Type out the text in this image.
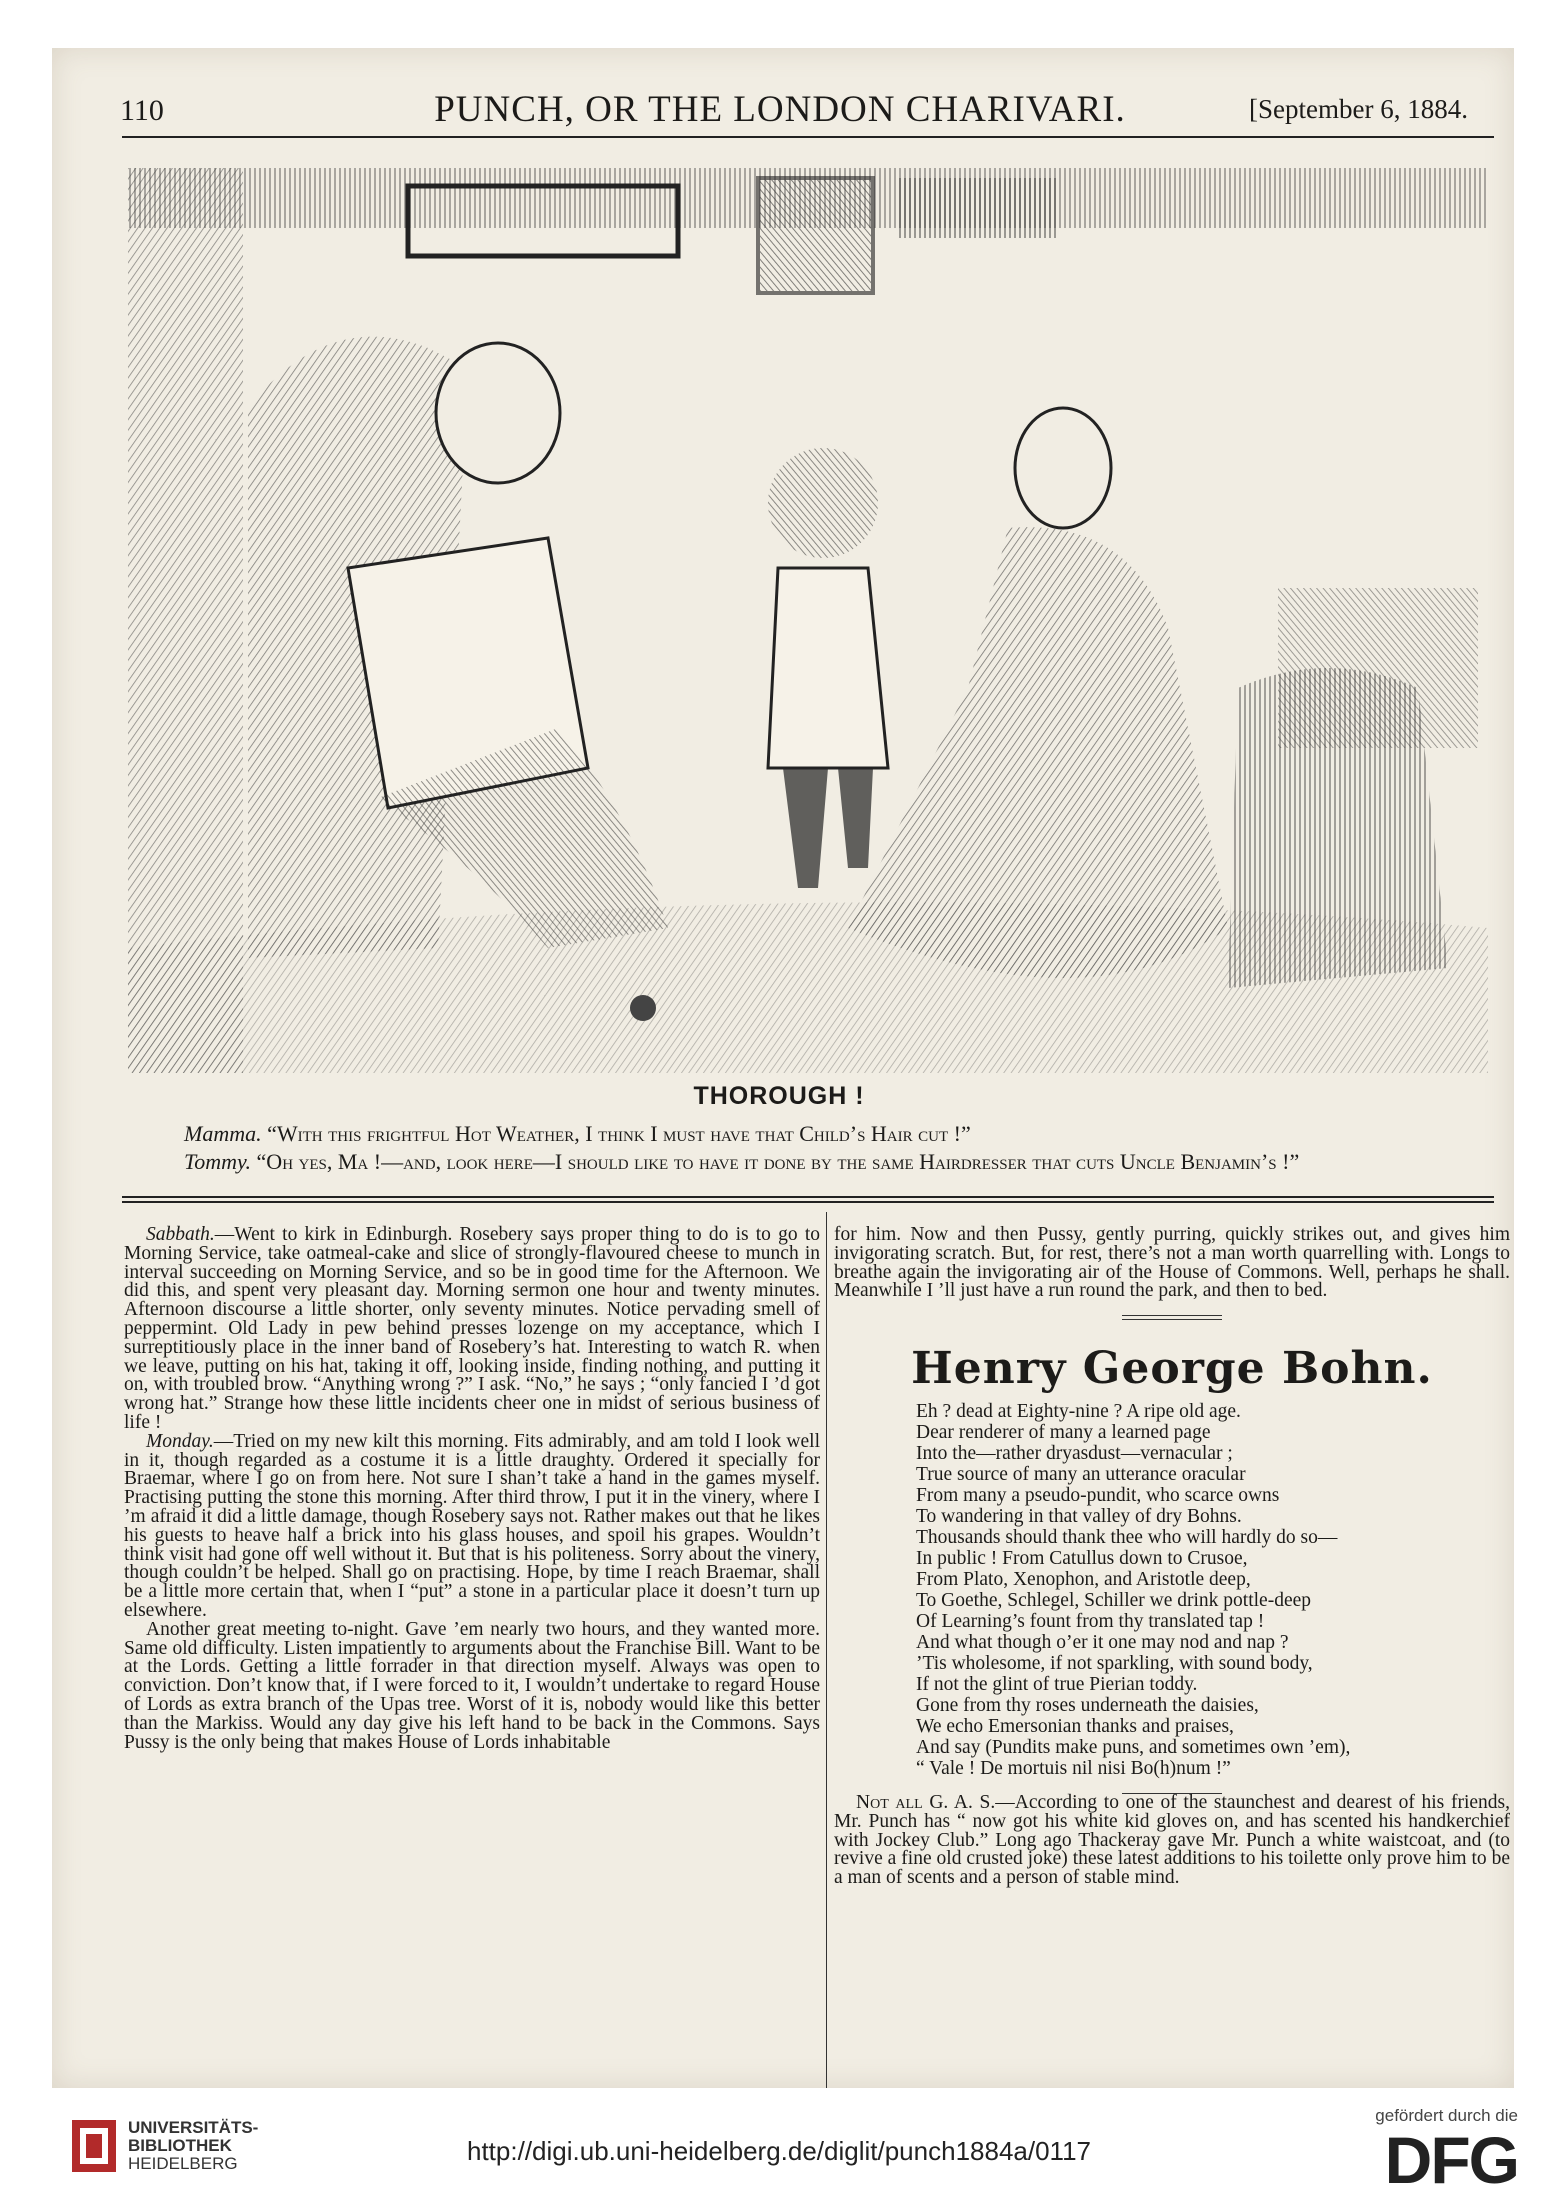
110	PUNCH, OR THE LONDON CHARIVARI.	[September 6, 1884.
THOROUGH !

Mamma. “With this frightful Hot Weather, I think I must have that Child’s Hair cut !”

Tommy. “Oh yes, Ma !—and, look here—I should like to have it done by the same Hairdresser that cuts Uncle Benjamin’s !”

Sabbath.—Went to kirk in Edinburgh. Rosebery says proper thing to do is to go to Morning Service, take oatmeal-cake and slice of strongly-flavoured cheese to munch in interval succeeding on Morning Service, and so be in good time for the Afternoon. We did this, and spent very pleasant day. Morning sermon one hour and twenty minutes. Afternoon discourse a little shorter, only seventy minutes. Notice pervading smell of peppermint. Old Lady in pew behind presses lozenge on my acceptance, which I surreptitiously place in the inner band of Rosebery’s hat. Interesting to watch R. when we leave, putting on his hat, taking it off, looking inside, finding nothing, and putting it on, with troubled brow. “Anything wrong ?” I ask. “No,” he says ; “only fancied I ’d got wrong hat.” Strange how these little incidents cheer one in midst of serious business of life !

Monday.—Tried on my new kilt this morning. Fits admirably, and am told I look well in it, though regarded as a costume it is a little draughty. Ordered it specially for Braemar, where I go on from here. Not sure I shan’t take a hand in the games myself. Practising putting the stone this morning. After third throw, I put it in the vinery, where I ’m afraid it did a little damage, though Rosebery says not. Rather makes out that he likes his guests to heave half a brick into his glass houses, and spoil his grapes. Wouldn’t think visit had gone off well without it. But that is his politeness. Sorry about the vinery, though couldn’t be helped. Shall go on practising. Hope, by time I reach Braemar, shall be a little more certain that, when I “put” a stone in a particular place it doesn’t turn up elsewhere.

Another great meeting to-night. Gave ’em nearly two hours, and they wanted more. Same old difficulty. Listen impatiently to arguments about the Franchise Bill. Want to be at the Lords. Getting a little forrader in that direction myself. Always was open to conviction. Don’t know that, if I were forced to it, I wouldn’t undertake to regard House of Lords as extra branch of the Upas tree. Worst of it is, nobody would like this better than the Markiss. Would any day give his left hand to be back in the Commons. Says Pussy is the only being that makes House of Lords inhabitable

for him. Now and then Pussy, gently purring, quickly strikes out, and gives him invigorating scratch. But, for rest, there’s not a man worth quarrelling with. Longs to breathe again the invigorating air of the House of Commons. Well, perhaps he shall. Meanwhile I ’ll just have a run round the park, and then to bed.

Henry George Bohn.
Eh ? dead at Eighty-nine ? A ripe old age.
Dear renderer of many a learned page
Into the—rather dryasdust—vernacular ;
True source of many an utterance oracular
From many a pseudo-pundit, who scarce owns
To wandering in that valley of dry Bohns.
Thousands should thank thee who will hardly do so—
In public ! From Catullus down to Crusoe,
From Plato, Xenophon, and Aristotle deep,
To Goethe, Schlegel, Schiller we drink pottle-deep
Of Learning’s fount from thy translated tap !
And what though o’er it one may nod and nap ?
’Tis wholesome, if not sparkling, with sound body,
If not the glint of true Pierian toddy.
Gone from thy roses underneath the daisies,
We echo Emersonian thanks and praises,
And say (Pundits make puns, and sometimes own ’em),
“ Vale ! De mortuis nil nisi Bo(h)num !”

Not all G. A. S.—According to one of the staunchest and dearest of his friends, Mr. Punch has “ now got his white kid gloves on, and has scented his handkerchief with Jockey Club.” Long ago Thackeray gave Mr. Punch a white waistcoat, and (to revive a fine old crusted joke) these latest additions to his toilette only prove him to be a man of scents and a person of stable mind.

UNIVERSITÄTS-
BIBLIOTHEK
HEIDELBERG	http://digi.ub.uni-heidelberg.de/diglit/punch1884a/0117
gefördert durch die
DFG
